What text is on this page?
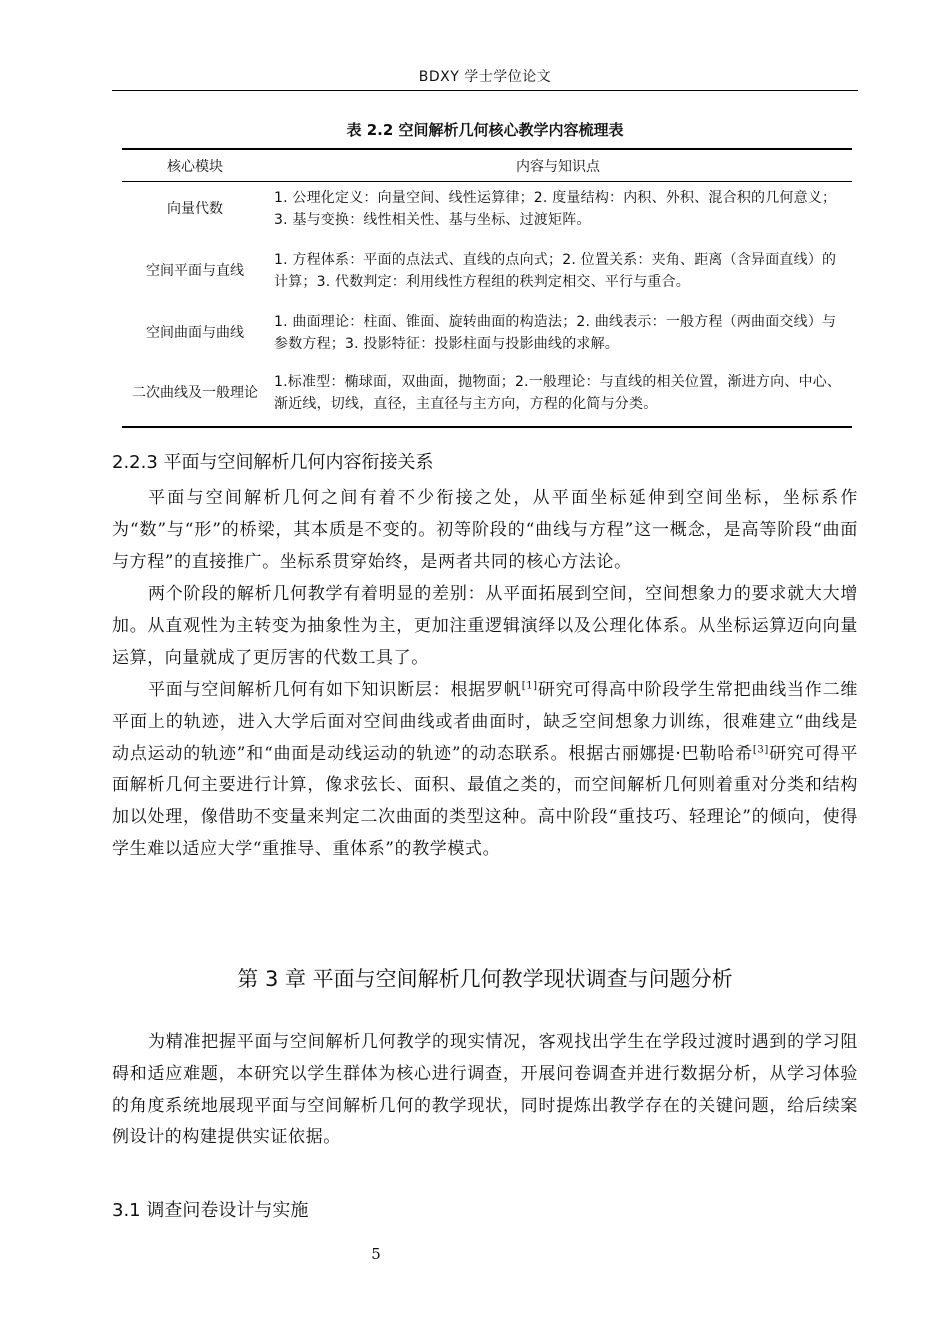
BDXY 学士学位论文
表 2.2 空间解析几何核心教学内容梳理表
核心模块	内容与知识点
向量代数
1. 公理化定义：向量空间、线性运算律；2. 度量结构：内积、外积、混合积的几何意义；3. 基与变换：线性相关性、基与坐标、过渡矩阵。
空间平面与直线
1. 方程体系：平面的点法式、直线的点向式；2. 位置关系：夹角、距离（含异面直线）的计算；3. 代数判定：利用线性方程组的秩判定相交、平行与重合。
空间曲面与曲线
1. 曲面理论：柱面、锥面、旋转曲面的构造法；2. 曲线表示：一般方程（两曲面交线）与参数方程；3. 投影特征：投影柱面与投影曲线的求解。
二次曲线及一般理论
1.标准型：椭球面，双曲面，抛物面；2.一般理论：与直线的相关位置，渐进方向、中心、渐近线，切线，直径，主直径与主方向，方程的化简与分类。
2.2.3 平面与空间解析几何内容衔接关系
平面与空间解析几何之间有着不少衔接之处，从平面坐标延伸到空间坐标，坐标系作为“数”与“形”的桥梁，其本质是不变的。初等阶段的“曲线与方程”这一概念，是高等阶段“曲面与方程”的直接推广。坐标系贯穿始终，是两者共同的核心方法论。
两个阶段的解析几何教学有着明显的差别：从平面拓展到空间，空间想象力的要求就大大增加。从直观性为主转变为抽象性为主，更加注重逻辑演绎以及公理化体系。从坐标运算迈向向量运算，向量就成了更厉害的代数工具了。
平面与空间解析几何有如下知识断层：根据罗帆[1]研究可得高中阶段学生常把曲线当作二维平面上的轨迹，进入大学后面对空间曲线或者曲面时，缺乏空间想象力训练，很难建立“曲线是动点运动的轨迹”和“曲面是动线运动的轨迹”的动态联系。根据古丽娜提·巴勒哈希[3]研究可得平面解析几何主要进行计算，像求弦长、面积、最值之类的，而空间解析几何则着重对分类和结构加以处理，像借助不变量来判定二次曲面的类型这种。高中阶段“重技巧、轻理论”的倾向，使得学生难以适应大学“重推导、重体系”的教学模式。
第 3 章 平面与空间解析几何教学现状调查与问题分析
为精准把握平面与空间解析几何教学的现实情况，客观找出学生在学段过渡时遇到的学习阻碍和适应难题，本研究以学生群体为核心进行调查，开展问卷调查并进行数据分析，从学习体验的角度系统地展现平面与空间解析几何的教学现状，同时提炼出教学存在的关键问题，给后续案例设计的构建提供实证依据。
3.1 调查问卷设计与实施
5
